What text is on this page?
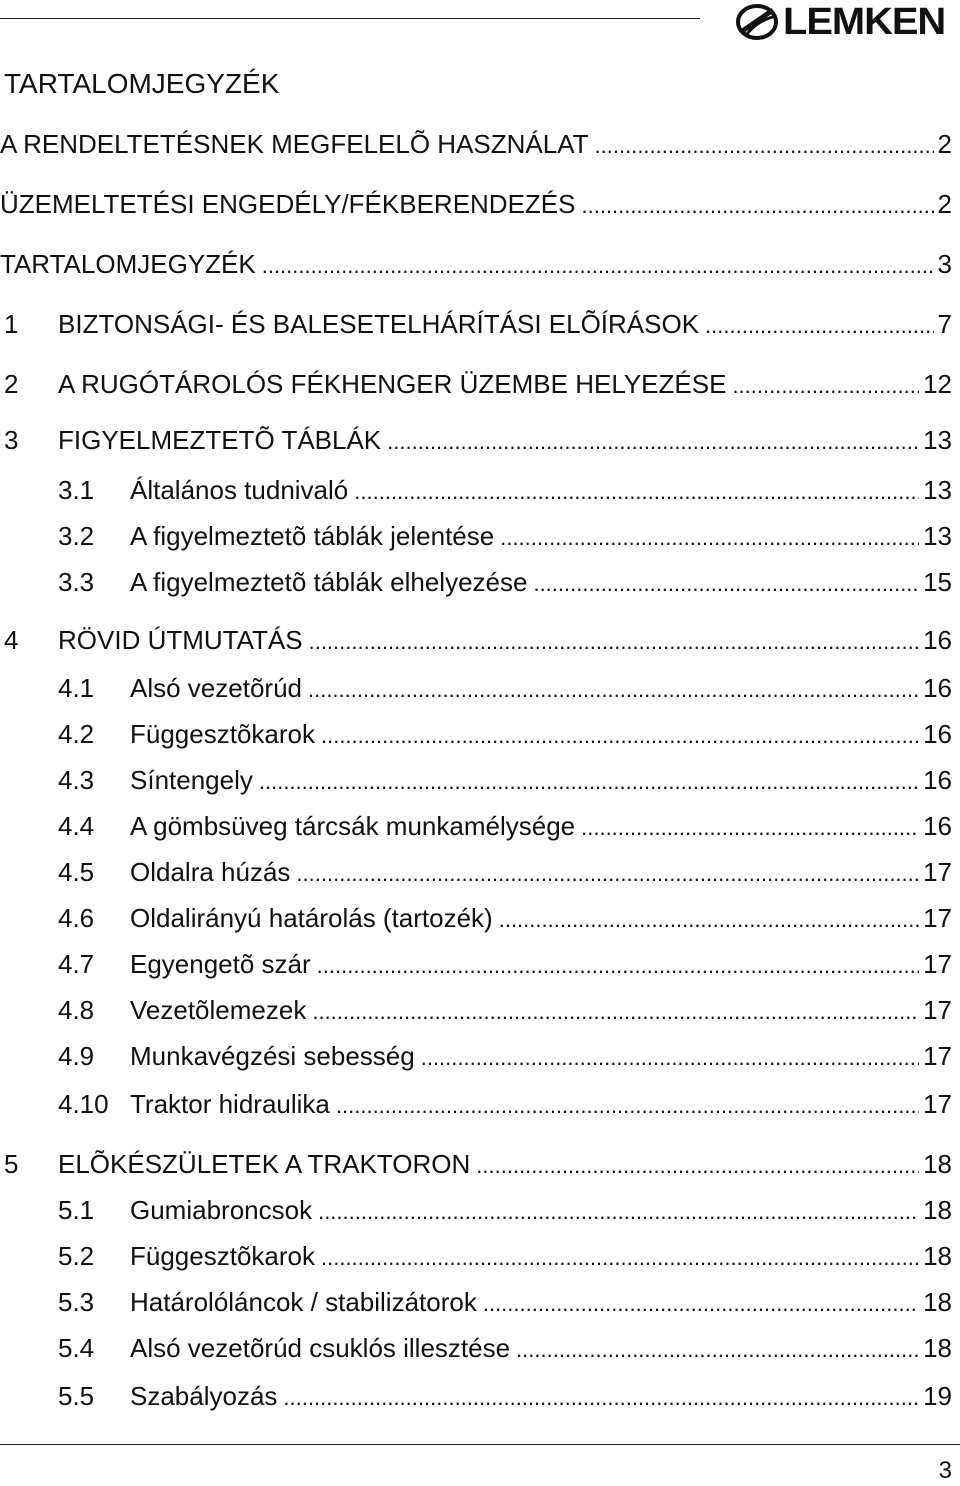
LEMKEN
TARTALOMJEGYZÉK
A RENDELTETÉSNEK MEGFELELÕ HASZNÁLAT .....	2
ÜZEMELTETÉSI ENGEDÉLY/FÉKBERENDEZÉS .....	2
TARTALOMJEGYZÉK .....	3
1	BIZTONSÁGI- ÉS BALESETELHÁRÍTÁSI ELÕÍRÁSOK .....	7
2	A RUGÓTÁROLÓS FÉKHENGER ÜZEMBE HELYEZÉSE .....	12
3	FIGYELMEZTETÕ TÁBLÁK .....	13
3.1	Általános tudnivaló .....	13
3.2	A figyelmeztetõ táblák jelentése .....	13
3.3	A figyelmeztetõ táblák elhelyezése .....	15
4	RÖVID ÚTMUTATÁS .....	16
4.1	Alsó vezetõrúd .....	16
4.2	Függesztõkarok .....	16
4.3	Síntengely .....	16
4.4	A gömbsüveg tárcsák munkamélysége .....	16
4.5	Oldalra húzás .....	17
4.6	Oldalirányú határolás (tartozék) .....	17
4.7	Egyengetõ szár .....	17
4.8	Vezetõlemezek .....	17
4.9	Munkavégzési sebesség .....	17
4.10 Traktor hidraulika .....	17
5	ELÕKÉSZÜLETEK A TRAKTORON .....	18
5.1	Gumiabroncsok .....	18
5.2	Függesztõkarok .....	18
5.3	Határolóláncok / stabilizátorok .....	18
5.4	Alsó vezetõrúd csuklós illesztése .....	18
5.5	Szabályozás .....	19
3
